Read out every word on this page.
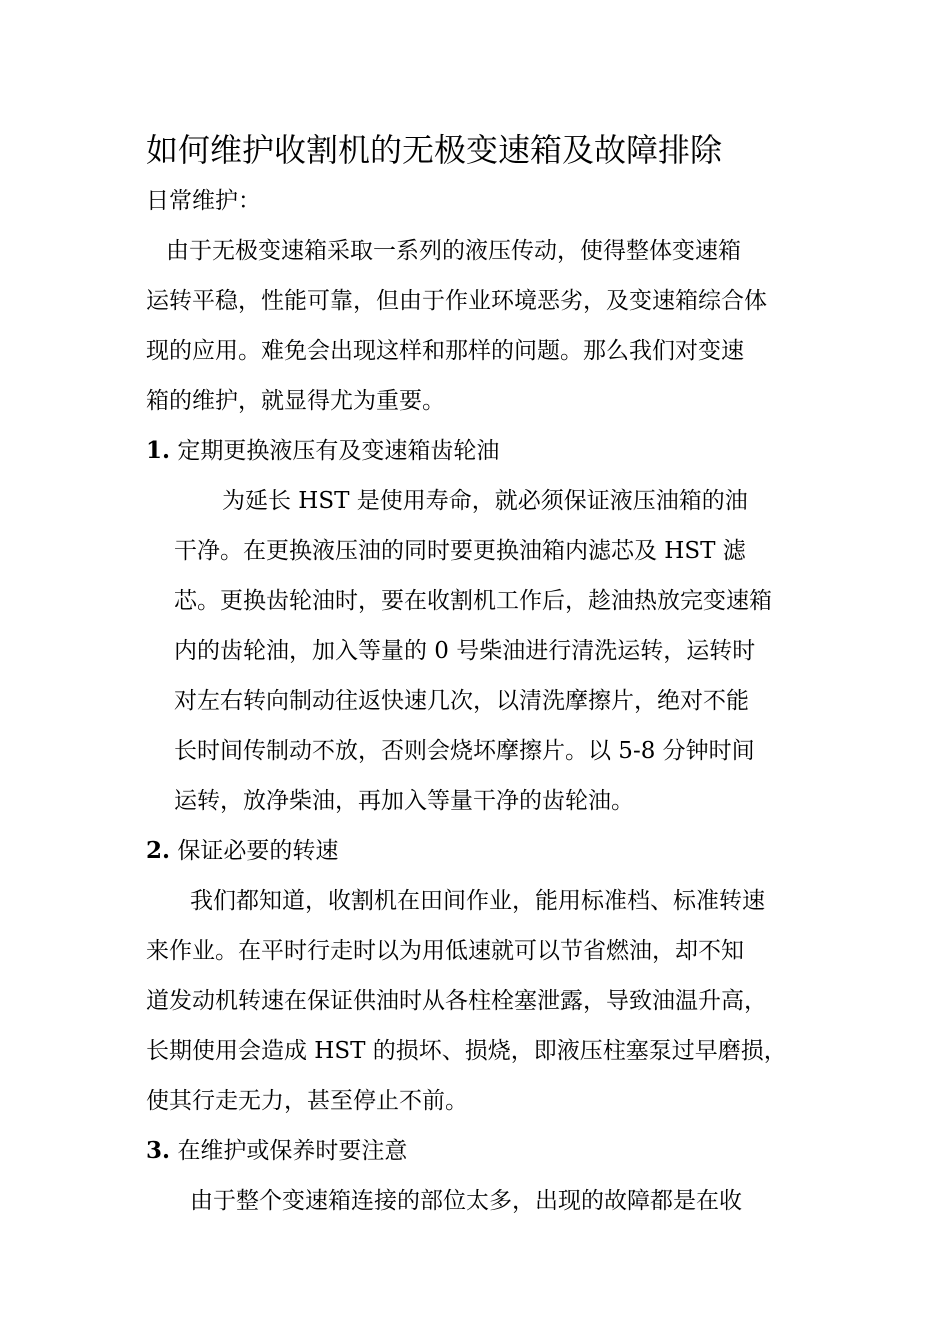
如何维护收割机的无极变速箱及故障排除
日常维护：
由于无极变速箱采取一系列的液压传动，使得整体变速箱
运转平稳，性能可靠，但由于作业环境恶劣，及变速箱综合体
现的应用。难免会出现这样和那样的问题。那么我们对变速
箱的维护，就显得尤为重要。
1. 定期更换液压有及变速箱齿轮油
为延长 HST 是使用寿命，就必须保证液压油箱的油
干净。在更换液压油的同时要更换油箱内滤芯及 HST 滤
芯。更换齿轮油时，要在收割机工作后，趁油热放完变速箱
内的齿轮油，加入等量的 0 号柴油进行清洗运转，运转时
对左右转向制动往返快速几次，以清洗摩擦片，绝对不能
长时间传制动不放，否则会烧坏摩擦片。以 5-8 分钟时间
运转，放净柴油，再加入等量干净的齿轮油。
2. 保证必要的转速
我们都知道，收割机在田间作业，能用标准档、标准转速
来作业。在平时行走时以为用低速就可以节省燃油，却不知
道发动机转速在保证供油时从各柱栓塞泄露，导致油温升高，
长期使用会造成 HST 的损坏、损烧，即液压柱塞泵过早磨损，
使其行走无力，甚至停止不前。
3. 在维护或保养时要注意
由于整个变速箱连接的部位太多，出现的故障都是在收
